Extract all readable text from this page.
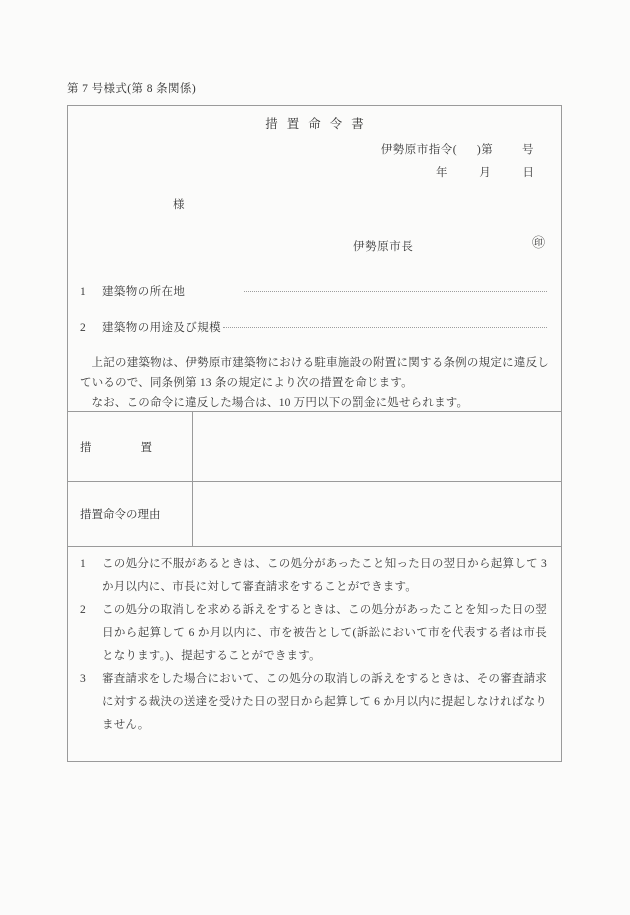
第 7 号様式(第 8 条関係)
措置命令書
伊勢原市指令( )第	号
年	月	日
様
伊勢原市長	㊞
1	建築物の所在地
2	建築物の用途及び規模

上記の建築物は、伊勢原市建築物における駐車施設の附置に関する条例の規定に違反しているので、同条例第 13 条の規定により次の措置を命じます。

なお、この命令に違反した場合は、10 万円以下の罰金に処せられます。

措 置	

措置命令の理由	
1	この処分に不服があるときは、この処分があったこと知った日の翌日から起算して 3 か月以内に、市長に対して審査請求をすることができます。
2	この処分の取消しを求める訴えをするときは、この処分があったことを知った日の翌日から起算して 6 か月以内に、市を被告として(訴訟において市を代表する者は市長となります。)、提起することができます。
3	審査請求をした場合において、この処分の取消しの訴えをするときは、その審査請求に対する裁決の送達を受けた日の翌日から起算して 6 か月以内に提起しなければなりません。
